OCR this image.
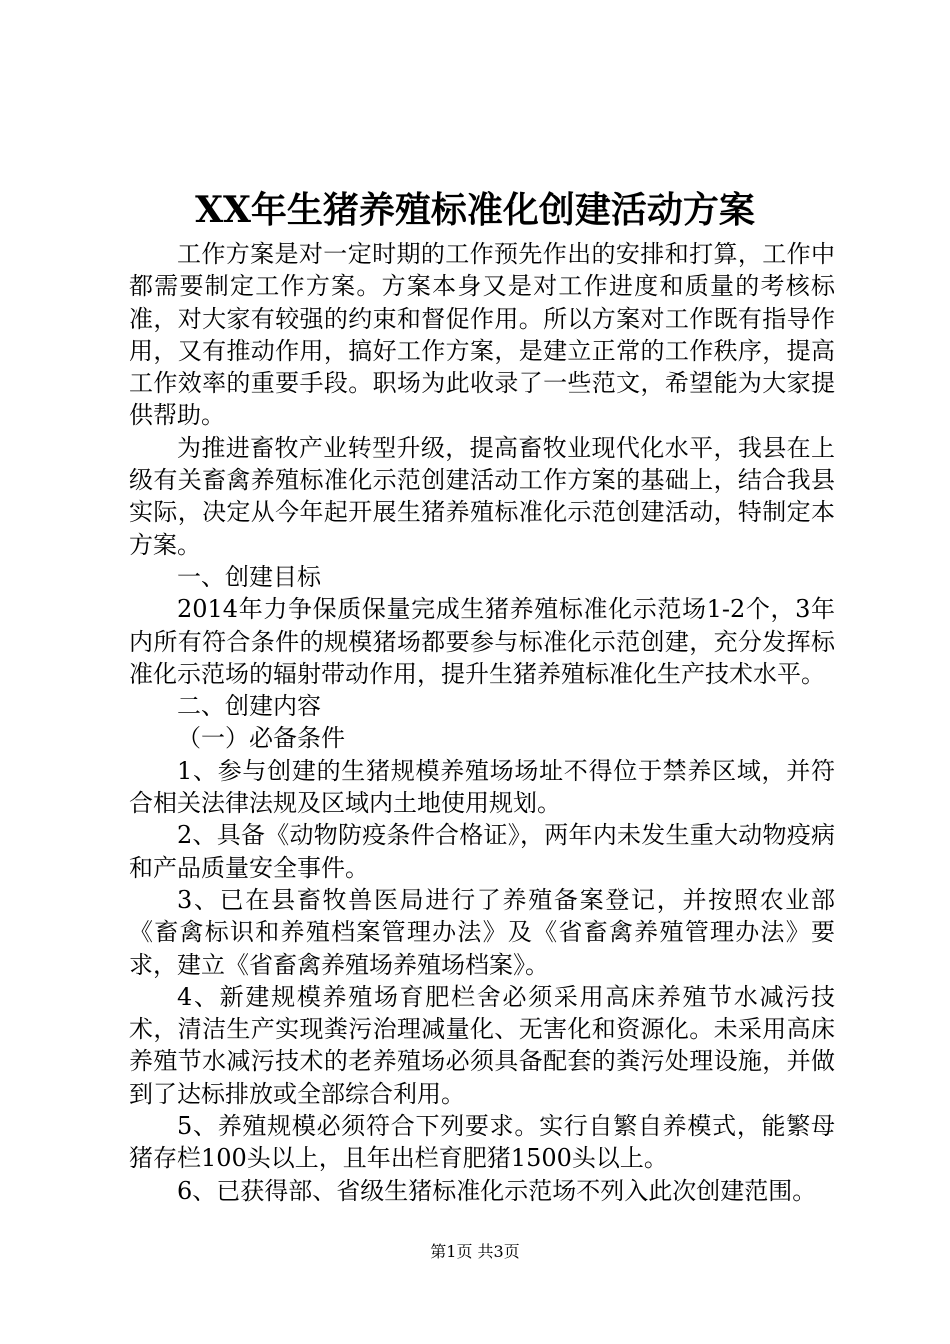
XX年生猪养殖标准化创建活动方案

工作方案是对一定时期的工作预先作出的安排和打算，工作中都需要制定工作方案。方案本身又是对工作进度和质量的考核标准，对大家有较强的约束和督促作用。所以方案对工作既有指导作用，又有推动作用，搞好工作方案，是建立正常的工作秩序，提高工作效率的重要手段。职场为此收录了一些范文，希望能为大家提供帮助。

为推进畜牧产业转型升级，提高畜牧业现代化水平，我县在上级有关畜禽养殖标准化示范创建活动工作方案的基础上，结合我县实际，决定从今年起开展生猪养殖标准化示范创建活动，特制定本方案。

一、创建目标

2014年力争保质保量完成生猪养殖标准化示范场1-2个，3年内所有符合条件的规模猪场都要参与标准化示范创建，充分发挥标准化示范场的辐射带动作用，提升生猪养殖标准化生产技术水平。

二、创建内容

（一）必备条件

1、参与创建的生猪规模养殖场场址不得位于禁养区域，并符合相关法律法规及区域内土地使用规划。

2、具备《动物防疫条件合格证》，两年内未发生重大动物疫病和产品质量安全事件。

3、已在县畜牧兽医局进行了养殖备案登记，并按照农业部《畜禽标识和养殖档案管理办法》及《省畜禽养殖管理办法》要求，建立《省畜禽养殖场养殖场档案》。

4、新建规模养殖场育肥栏舍必须采用高床养殖节水减污技术，清洁生产实现粪污治理减量化、无害化和资源化。未采用高床养殖节水减污技术的老养殖场必须具备配套的粪污处理设施，并做到了达标排放或全部综合利用。

5、养殖规模必须符合下列要求。实行自繁自养模式，能繁母猪存栏100头以上，且年出栏育肥猪1500头以上。

6、已获得部、省级生猪标准化示范场不列入此次创建范围。

第1页 共3页
